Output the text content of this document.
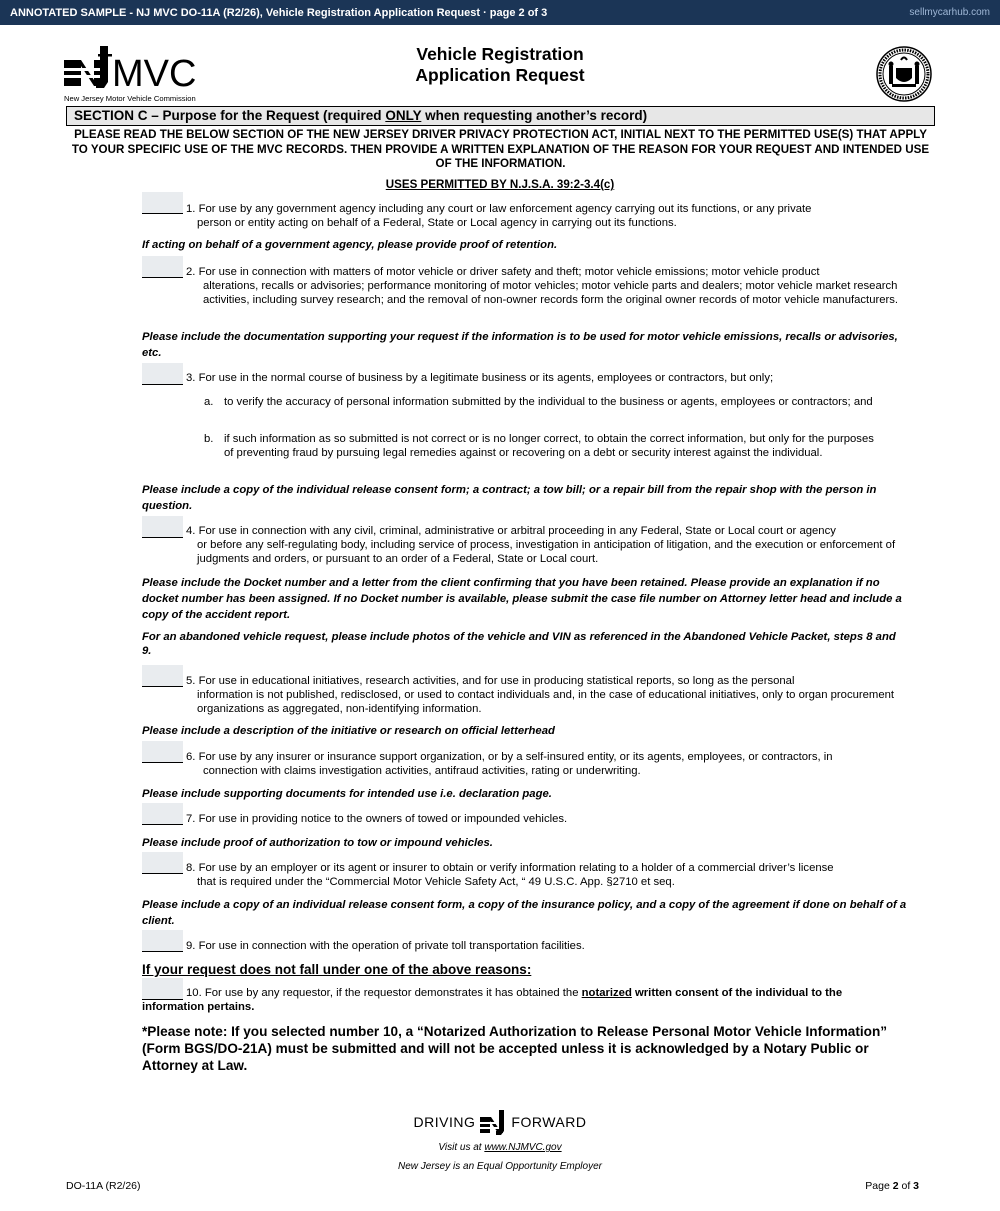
ANNOTATED SAMPLE - NJ MVC DO-11A (R2/26), Vehicle Registration Application Request · page 2 of 3	sellmycarhub.com
MVC
New Jersey Motor Vehicle Commission
Vehicle Registration
Application Request
SECTION C – Purpose for the Request (required ONLY when requesting another’s record)
PLEASE READ THE BELOW SECTION OF THE NEW JERSEY DRIVER PRIVACY PROTECTION ACT, INITIAL NEXT TO THE PERMITTED USE(S) THAT APPLY TO YOUR SPECIFIC USE OF THE MVC RECORDS. THEN PROVIDE A WRITTEN EXPLANATION OF THE REASON FOR YOUR REQUEST AND INTENDED USE OF THE INFORMATION.
USES PERMITTED BY N.J.S.A. 39:2-3.4(c)
1. For use by any government agency including any court or law enforcement agency carrying out its functions, or any private
person or entity acting on behalf of a Federal, State or Local agency in carrying out its functions.
If acting on behalf of a government agency, please provide proof of retention.
2. For use in connection with matters of motor vehicle or driver safety and theft; motor vehicle emissions; motor vehicle product
alterations, recalls or advisories; performance monitoring of motor vehicles; motor vehicle parts and dealers; motor vehicle market research activities, including survey research; and the removal of non-owner records form the original owner records of motor vehicle manufacturers.
Please include the documentation supporting your request if the information is to be used for motor vehicle emissions, recalls or advisories, etc.
3. For use in the normal course of business by a legitimate business or its agents, employees or contractors, but only;
a. to verify the accuracy of personal information submitted by the individual to the business or agents, employees or contractors; and
b. if such information as so submitted is not correct or is no longer correct, to obtain the correct information, but only for the purposes of preventing fraud by pursuing legal remedies against or recovering on a debt or security interest against the individual.
Please include a copy of the individual release consent form; a contract; a tow bill; or a repair bill from the repair shop with the person in question.
4. For use in connection with any civil, criminal, administrative or arbitral proceeding in any Federal, State or Local court or agency
or before any self-regulating body, including service of process, investigation in anticipation of litigation, and the execution or enforcement of judgments and orders, or pursuant to an order of a Federal, State or Local court.
Please include the Docket number and a letter from the client confirming that you have been retained. Please provide an explanation if no docket number has been assigned. If no Docket number is available, please submit the case file number on Attorney letter head and include a copy of the accident report.
For an abandoned vehicle request, please include photos of the vehicle and VIN as referenced in the Abandoned Vehicle Packet, steps 8 and 9.
5. For use in educational initiatives, research activities, and for use in producing statistical reports, so long as the personal
information is not published, redisclosed, or used to contact individuals and, in the case of educational initiatives, only to organ procurement organizations as aggregated, non-identifying information.
Please include a description of the initiative or research on official letterhead
6. For use by any insurer or insurance support organization, or by a self-insured entity, or its agents, employees, or contractors, in
connection with claims investigation activities, antifraud activities, rating or underwriting.
Please include supporting documents for intended use i.e. declaration page.
7. For use in providing notice to the owners of towed or impounded vehicles.
Please include proof of authorization to tow or impound vehicles.
8. For use by an employer or its agent or insurer to obtain or verify information relating to a holder of a commercial driver’s license
that is required under the “Commercial Motor Vehicle Safety Act, “ 49 U.S.C. App. §2710 et seq.
Please include a copy of an individual release consent form, a copy of the insurance policy, and a copy of the agreement if done on behalf of a client.
9. For use in connection with the operation of private toll transportation facilities.
If your request does not fall under one of the above reasons:
10. For use by any requestor, if the requestor demonstrates it has obtained the notarized written consent of the individual to the information pertains.
*Please note: If you selected number 10, a “Notarized Authorization to Release Personal Motor Vehicle Information” (Form BGS/DO-21A) must be submitted and will not be accepted unless it is acknowledged by a Notary Public or Attorney at Law.
DRIVING	FORWARD
Visit us at www.NJMVC.gov
New Jersey is an Equal Opportunity Employer
DO-11A (R2/26)	Page 2 of 3
